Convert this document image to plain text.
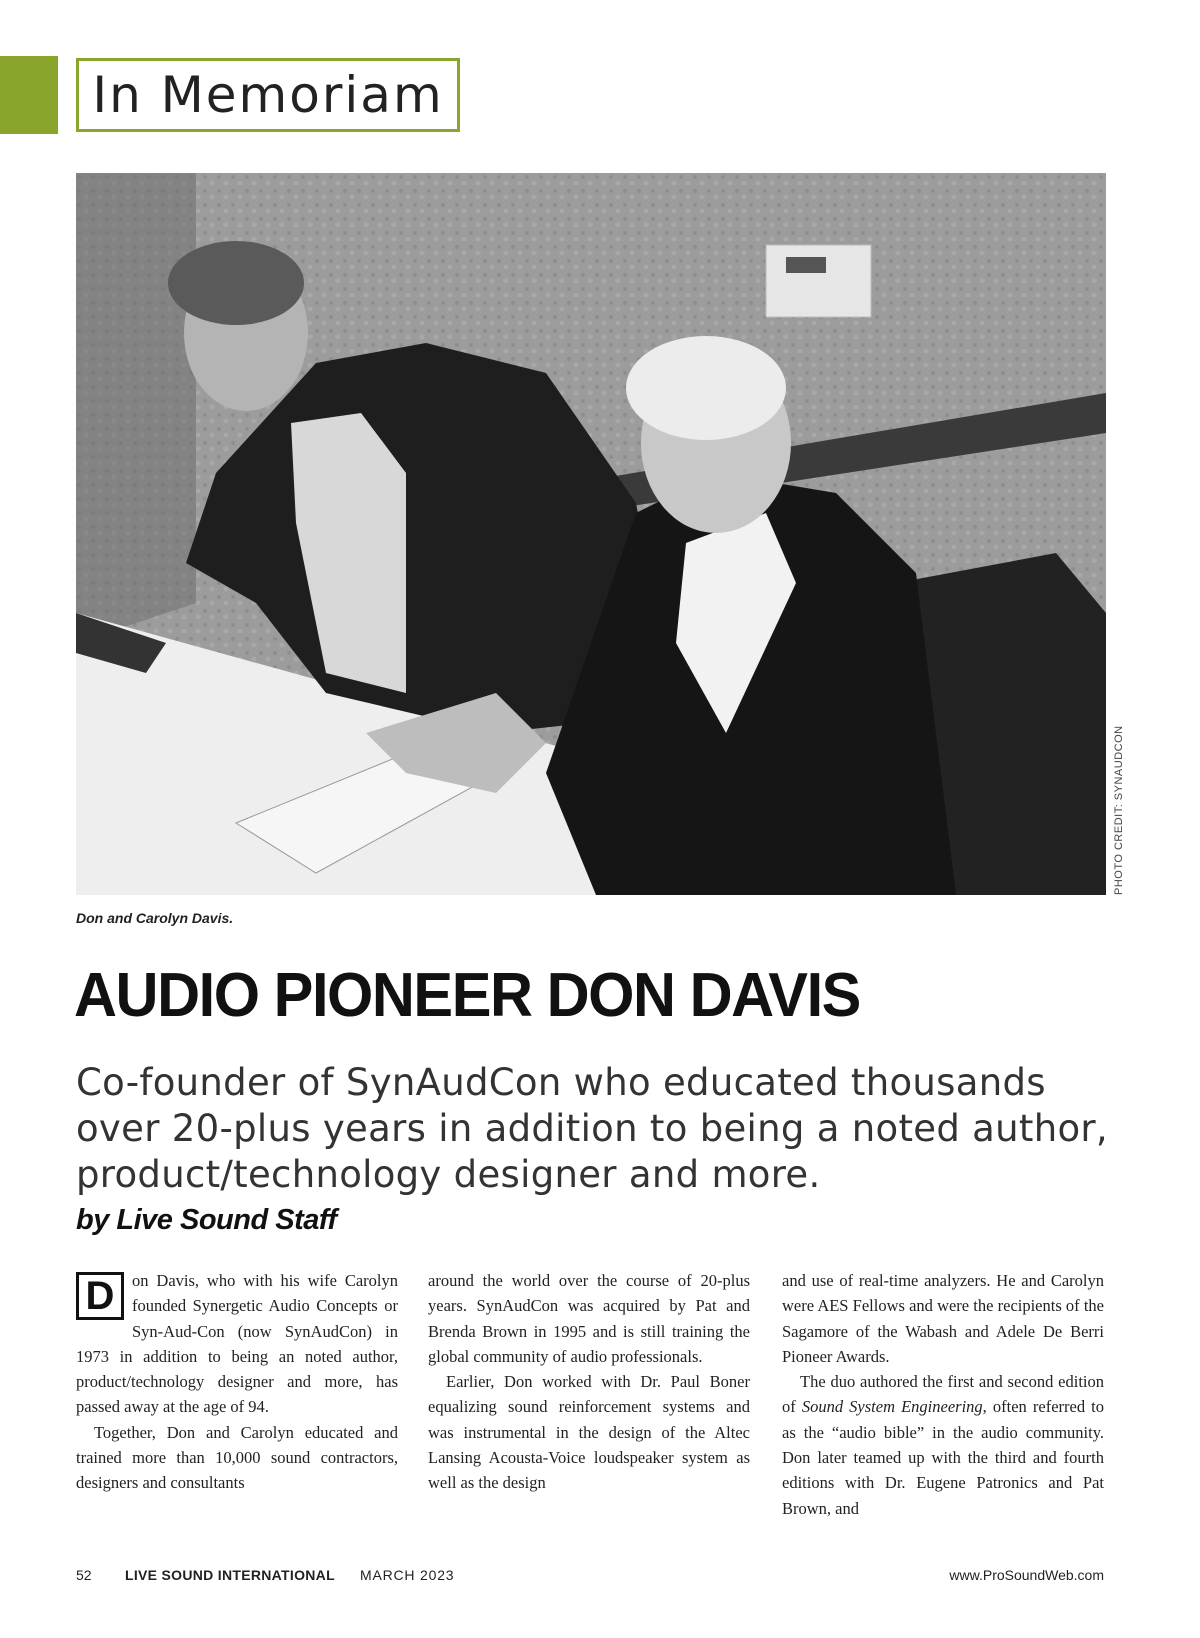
In Memoriam
PHOTO CREDIT: SYNAUDCON
Don and Carolyn Davis.
AUDIO PIONEER DON DAVIS

Co-founder of SynAudCon who educated thousands over 20-plus years in addition to being a noted author, product/technology designer and more.

by Live Sound Staff

D	on Davis, who with his wife Carolyn founded Synergetic Audio Concepts or Syn-Aud-Con (now SynAudCon) in 1973 in addition to being an noted author, product/technology designer and more, has passed away at the age of 94.

Together, Don and Carolyn educated and trained more than 10,000 sound contractors, designers and consultants

around the world over the course of 20-plus years. SynAudCon was acquired by Pat and Brenda Brown in 1995 and is still training the global community of audio professionals.

Earlier, Don worked with Dr. Paul Boner equalizing sound reinforcement systems and was instrumental in the design of the Altec Lansing Acousta-Voice loudspeaker system as well as the design

and use of real-time analyzers. He and Carolyn were AES Fellows and were the recipients of the Sagamore of the Wabash and Adele De Berri Pioneer Awards.

The duo authored the first and second edition of Sound System Engineering, often referred to as the “audio bible” in the audio community. Don later teamed up with the third and fourth editions with Dr. Eugene Patronics and Pat Brown, and

52 LIVE SOUND INTERNATIONAL MARCH 2023	www.ProSoundWeb.com
